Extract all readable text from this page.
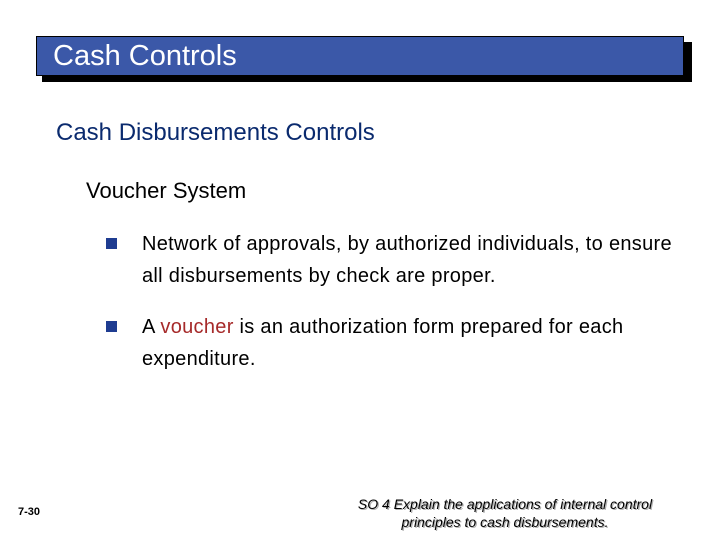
Cash Controls
Cash Disbursements Controls
Voucher System
Network of approvals, by authorized individuals, to ensure all disbursements by check are proper.
A voucher is an authorization form prepared for each expenditure.
7-30	SO 4 Explain the applications of internal control
principles to cash disbursements.
